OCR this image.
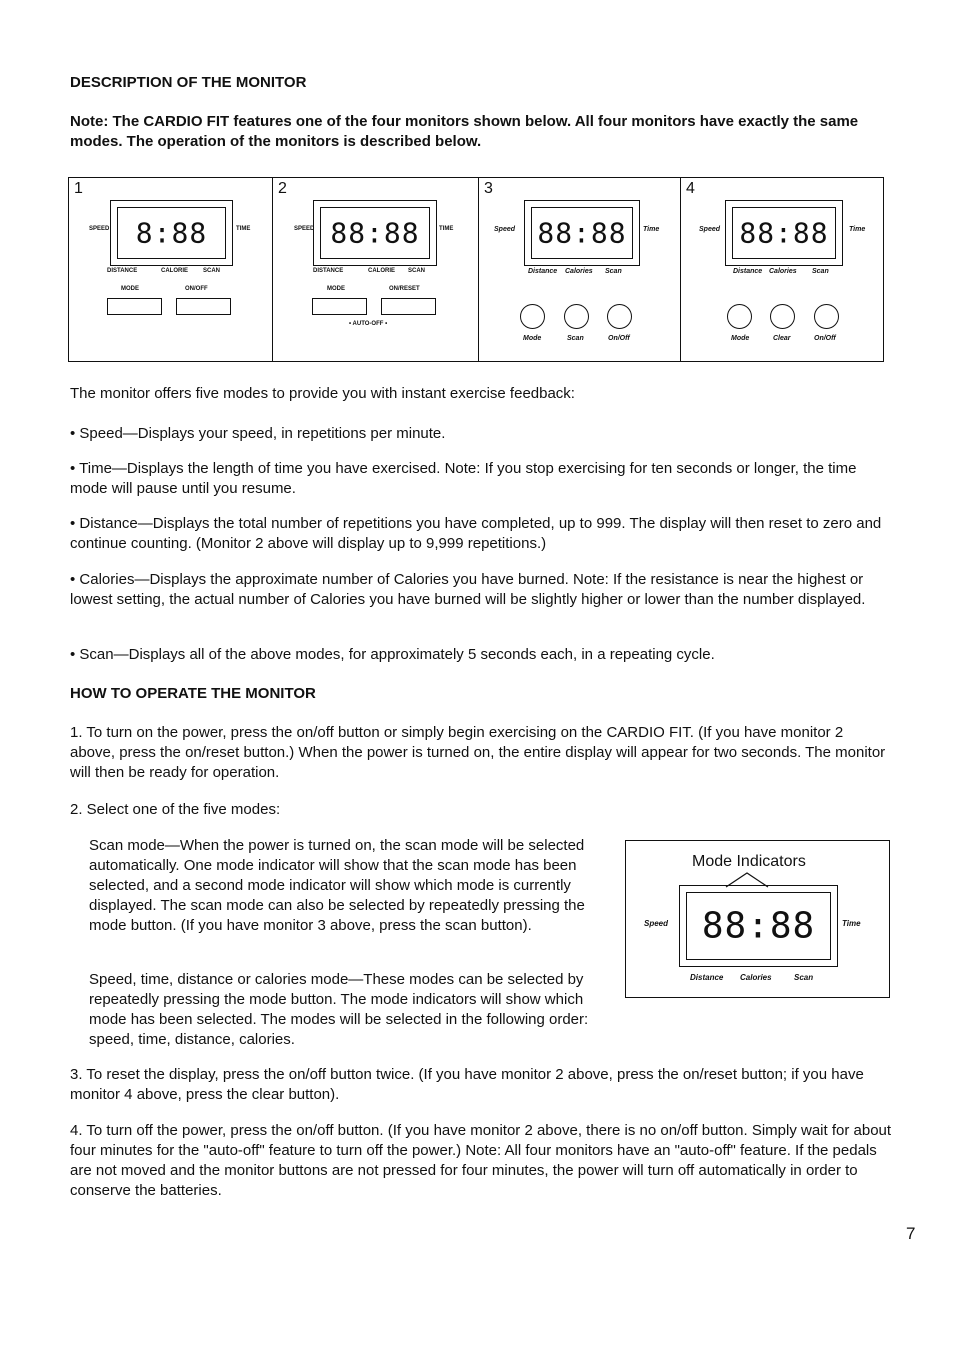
DESCRIPTION OF THE MONITOR
Note: The CARDIO FIT features one of the four monitors shown below. All four monitors have exactly the same modes. The operation of the monitors is described below.
1
SPEED 8:88	TIME
DISTANCE	CALORIE	SCAN
MODE	ON/OFF
2
SPEED 88:88	TIME
DISTANCE	CALORIE SCAN
MODE	ON/RESET
• AUTO-OFF •
3
Speed 88:88	Time
Distance Calories Scan
Mode	Scan	On/Off
4
Speed 88:88	Time
Distance Calories Scan
Mode	Clear	On/Off
The monitor offers five modes to provide you with instant exercise feedback:
• Speed—Displays your speed, in repetitions per minute.
• Time—Displays the length of time you have exercised. Note: If you stop exercising for ten seconds or longer, the time mode will pause until you resume.
• Distance—Displays the total number of repetitions you have completed, up to 999. The display will then reset to zero and continue counting. (Monitor 2 above will display up to 9,999 repetitions.)
• Calories—Displays the approximate number of Calories you have burned. Note: If the resistance is near the highest or lowest setting, the actual number of Calories you have burned will be slightly higher or lower than the number displayed.
• Scan—Displays all of the above modes, for approximately 5 seconds each, in a repeating cycle.
HOW TO OPERATE THE MONITOR
1. To turn on the power, press the on/off button or simply begin exercising on the CARDIO FIT. (If you have monitor 2 above, press the on/reset button.) When the power is turned on, the entire display will appear for two seconds. The monitor will then be ready for operation.
2. Select one of the five modes:
Scan mode—When the power is turned on, the scan mode will be selected automatically. One mode indicator will show that the scan mode has been selected, and a second mode indicator will show which mode is currently displayed. The scan mode can also be selected by repeatedly pressing the mode button. (If you have monitor 3 above, press the scan button).
Speed, time, distance or calories mode—These modes can be selected by repeatedly pressing the mode button. The mode indicators will show which mode has been selected. The modes will be selected in the following order: speed, time, distance, calories.
Mode Indicators
Speed 88:88	Time
Distance Calories	Scan
3. To reset the display, press the on/off button twice. (If you have monitor 2 above, press the on/reset button; if you have monitor 4 above, press the clear button).
4. To turn off the power, press the on/off button. (If you have monitor 2 above, there is no on/off button. Simply wait for about four minutes for the "auto-off" feature to turn off the power.) Note: All four monitors have an "auto-off" feature. If the pedals are not moved and the monitor buttons are not pressed for four minutes, the power will turn off automatically in order to conserve the batteries.
7
